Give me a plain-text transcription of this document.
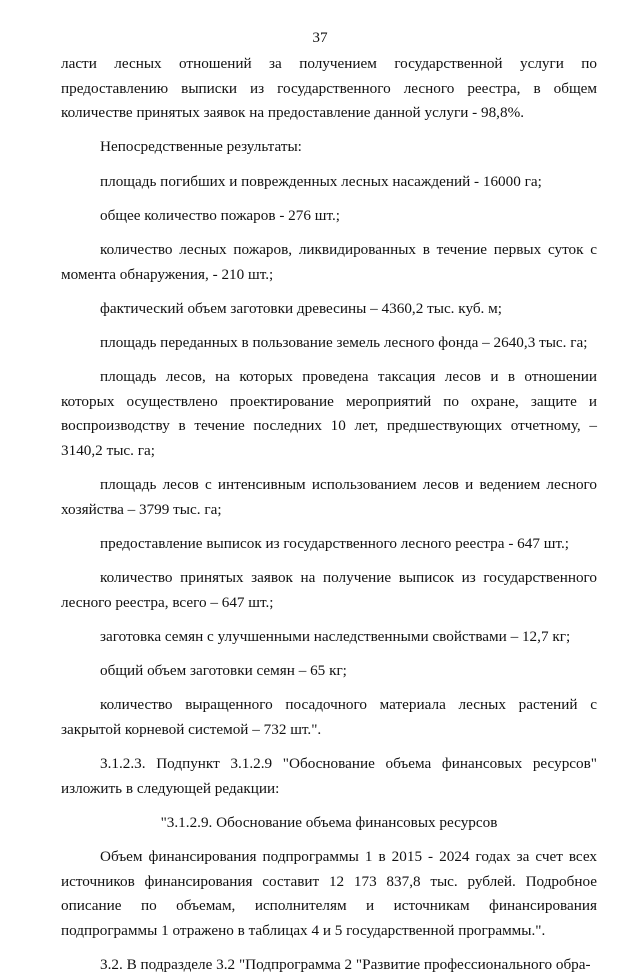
37

ласти лесных отношений за получением государственной услуги по предоставлению выписки из государственного лесного реестра, в общем количестве принятых заявок на предоставление данной услуги - 98,8%.

Непосредственные результаты:

площадь погибших и поврежденных лесных насаждений - 16000 га;

общее количество пожаров - 276 шт.;

количество лесных пожаров, ликвидированных в течение первых суток с момента обнаружения, - 210 шт.;

фактический объем заготовки древесины – 4360,2 тыс. куб. м;

площадь переданных в пользование земель лесного фонда – 2640,3 тыс. га;

площадь лесов, на которых проведена таксация лесов и в отношении которых осуществлено проектирование мероприятий по охране, защите и воспроизводству в течение последних 10 лет, предшествующих отчетному, – 3140,2 тыс. га;

площадь лесов с интенсивным использованием лесов и ведением лесного хозяйства – 3799 тыс. га;

предоставление выписок из государственного лесного реестра - 647 шт.;

количество принятых заявок на получение выписок из государственного лесного реестра, всего – 647 шт.;

заготовка семян с улучшенными наследственными свойствами – 12,7 кг;

общий объем заготовки семян – 65 кг;

количество выращенного посадочного материала лесных растений с закрытой корневой системой – 732 шт.".

3.1.2.3. Подпункт 3.1.2.9 "Обоснование объема финансовых ресурсов" изложить в следующей редакции:

"3.1.2.9. Обоснование объема финансовых ресурсов

Объем финансирования подпрограммы 1 в 2015 - 2024 годах за счет всех источников финансирования составит 12 173 837,8 тыс. рублей. Подробное описание по объемам, исполнителям и источникам финансирования подпрограммы 1 отражено в таблицах 4 и 5 государственной программы.".

3.2. В подразделе 3.2 "Подпрограмма 2 "Развитие профессионального обра-
